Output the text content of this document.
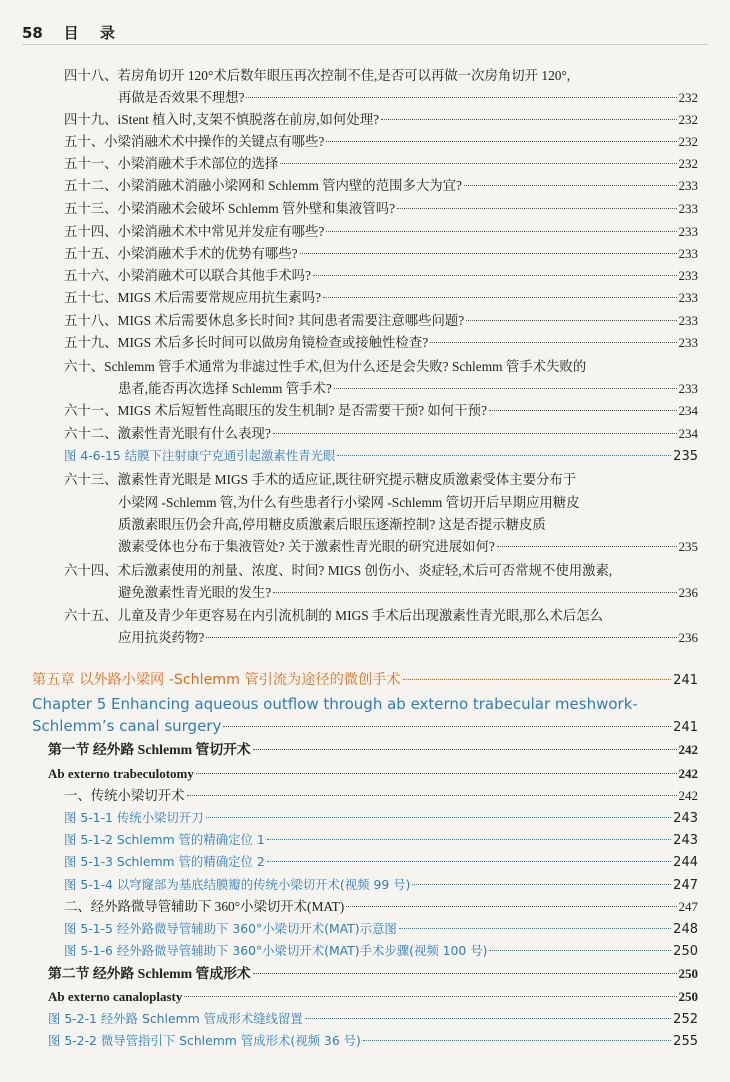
58 目 录
四十八、若房角切开 120°术后数年眼压再次控制不佳,是否可以再做一次房角切开 120°,
再做是否效果不理想?	232
四十九、iStent 植入时,支架不慎脱落在前房,如何处理?	232
五十、小梁消融术术中操作的关键点有哪些?	232
五十一、小梁消融术手术部位的选择	232
五十二、小梁消融术消融小梁网和 Schlemm 管内壁的范围多大为宜?	233
五十三、小梁消融术会破坏 Schlemm 管外壁和集液管吗?	233
五十四、小梁消融术术中常见并发症有哪些?	233
五十五、小梁消融术手术的优势有哪些?	233
五十六、小梁消融术可以联合其他手术吗?	233
五十七、MIGS 术后需要常规应用抗生素吗?	233
五十八、MIGS 术后需要休息多长时间? 其间患者需要注意哪些问题?	233
五十九、MIGS 术后多长时间可以做房角镜检查或接触性检查?	233
六十、Schlemm 管手术通常为非滤过性手术,但为什么还是会失败? Schlemm 管手术失败的
患者,能否再次选择 Schlemm 管手术?	233
六十一、MIGS 术后短暂性高眼压的发生机制? 是否需要干预? 如何干预?	234
六十二、激素性青光眼有什么表现?	234
图 4-6-15 结膜下注射康宁克通引起激素性青光眼	235
六十三、激素性青光眼是 MIGS 手术的适应证,既往研究提示糖皮质激素受体主要分布于
小梁网 -Schlemm 管,为什么有些患者行小梁网 -Schlemm 管切开后早期应用糖皮
质激素眼压仍会升高,停用糖皮质激素后眼压逐渐控制? 这是否提示糖皮质
激素受体也分布于集液管处? 关于激素性青光眼的研究进展如何?	235
六十四、术后激素使用的剂量、浓度、时间? MIGS 创伤小、炎症轻,术后可否常规不使用激素,
避免激素性青光眼的发生?	236
六十五、儿童及青少年更容易在内引流机制的 MIGS 手术后出现激素性青光眼,那么术后怎么
应用抗炎药物?	236
第五章 以外路小梁网 -Schlemm 管引流为途径的微创手术	241
Chapter 5 Enhancing aqueous outflow through ab externo trabecular meshwork-
Schlemm’s canal surgery	241
第一节 经外路 Schlemm 管切开术	242
Ab externo trabeculotomy	242
一、传统小梁切开术	242
图 5-1-1 传统小梁切开刀	243
图 5-1-2 Schlemm 管的精确定位 1	243
图 5-1-3 Schlemm 管的精确定位 2	244
图 5-1-4 以穹窿部为基底结膜瓣的传统小梁切开术(视频 99 号)	247
二、经外路微导管辅助下 360°小梁切开术(MAT)	247
图 5-1-5 经外路微导管辅助下 360°小梁切开术(MAT)示意图	248
图 5-1-6 经外路微导管辅助下 360°小梁切开术(MAT)手术步骤(视频 100 号)	250
第二节 经外路 Schlemm 管成形术	250
Ab externo canaloplasty	250
图 5-2-1 经外路 Schlemm 管成形术缝线留置	252
图 5-2-2 微导管指引下 Schlemm 管成形术(视频 36 号)	255
